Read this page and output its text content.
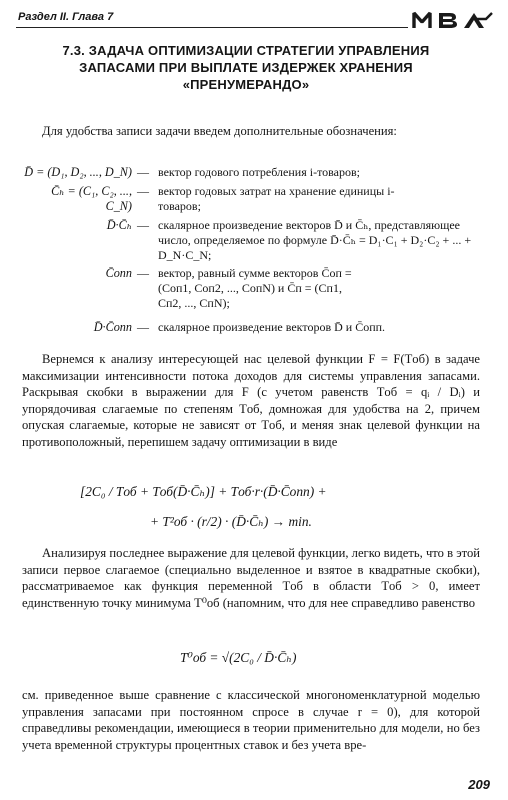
Раздел II. Глава 7
7.3. ЗАДАЧА ОПТИМИЗАЦИИ СТРАТЕГИИ УПРАВЛЕНИЯ ЗАПАСАМИ ПРИ ВЫПЛАТЕ ИЗДЕРЖЕК ХРАНЕНИЯ «ПРЕНУМЕРАНДО»
Для удобства записи задачи введем дополнительные обозначения:
D̄ = (D₁, D₂, ..., D_N) — вектор годового потребления i-товаров;
C̄ₕ = (C₁, C₂, ..., C_N)
— вектор годовых затрат на хранение единицы i-товаров;
D̄·C̄ₕ — скалярное произведение векторов D̄ и C̄ₕ, представляющее число, определяемое по формуле D̄·C̄ₕ = D₁·C₁ + D₂·C₂ + ... + D_N·C_N;
C̄опп — вектор, равный сумме векторов C̄оп = (Cоп1, Cоп2, ..., CопN) и C̄п = (Cп1, Cп2, ..., CпN);
D̄·C̄опп — скалярное произведение векторов D̄ и C̄опп.
Вернемся к анализу интересующей нас целевой функции F = F(Tоб) в задаче максимизации интенсивности потока доходов для системы управления запасами. Раскрывая скобки в выражении для F (с учетом равенств Tоб = qᵢ / Dᵢ) и упорядочивая слагаемые по степеням Tоб, домножая для удобства на 2, причем опуская слагаемые, которые не зависят от Tоб, и меняя знак целевой функции на противоположный, перепишем задачу оптимизации в виде
[2C₀ / Tоб + Tоб(D̄·C̄ₕ)] + Tоб·r·(D̄·C̄опп) +
+ T²об · (r/2) · (D̄·C̄ₕ) → min.
Анализируя последнее выражение для целевой функции, легко видеть, что в этой записи первое слагаемое (специально выделенное и взятое в квадратные скобки), рассматриваемое как функция переменной Tоб в области Tоб > 0, имеет единственную точку минимума T⁰об (напомним, что для нее справедливо равенство
T⁰об = √(2C₀ / D̄·C̄ₕ)
см. приведенное выше сравнение с классической многономенклатурной моделью управления запасами при постоянном спросе в случае r = 0), для которой справедливы рекомендации, имеющиеся в теории применительно для модели, но без учета временной структуры процентных ставок и без учета вре-
209
